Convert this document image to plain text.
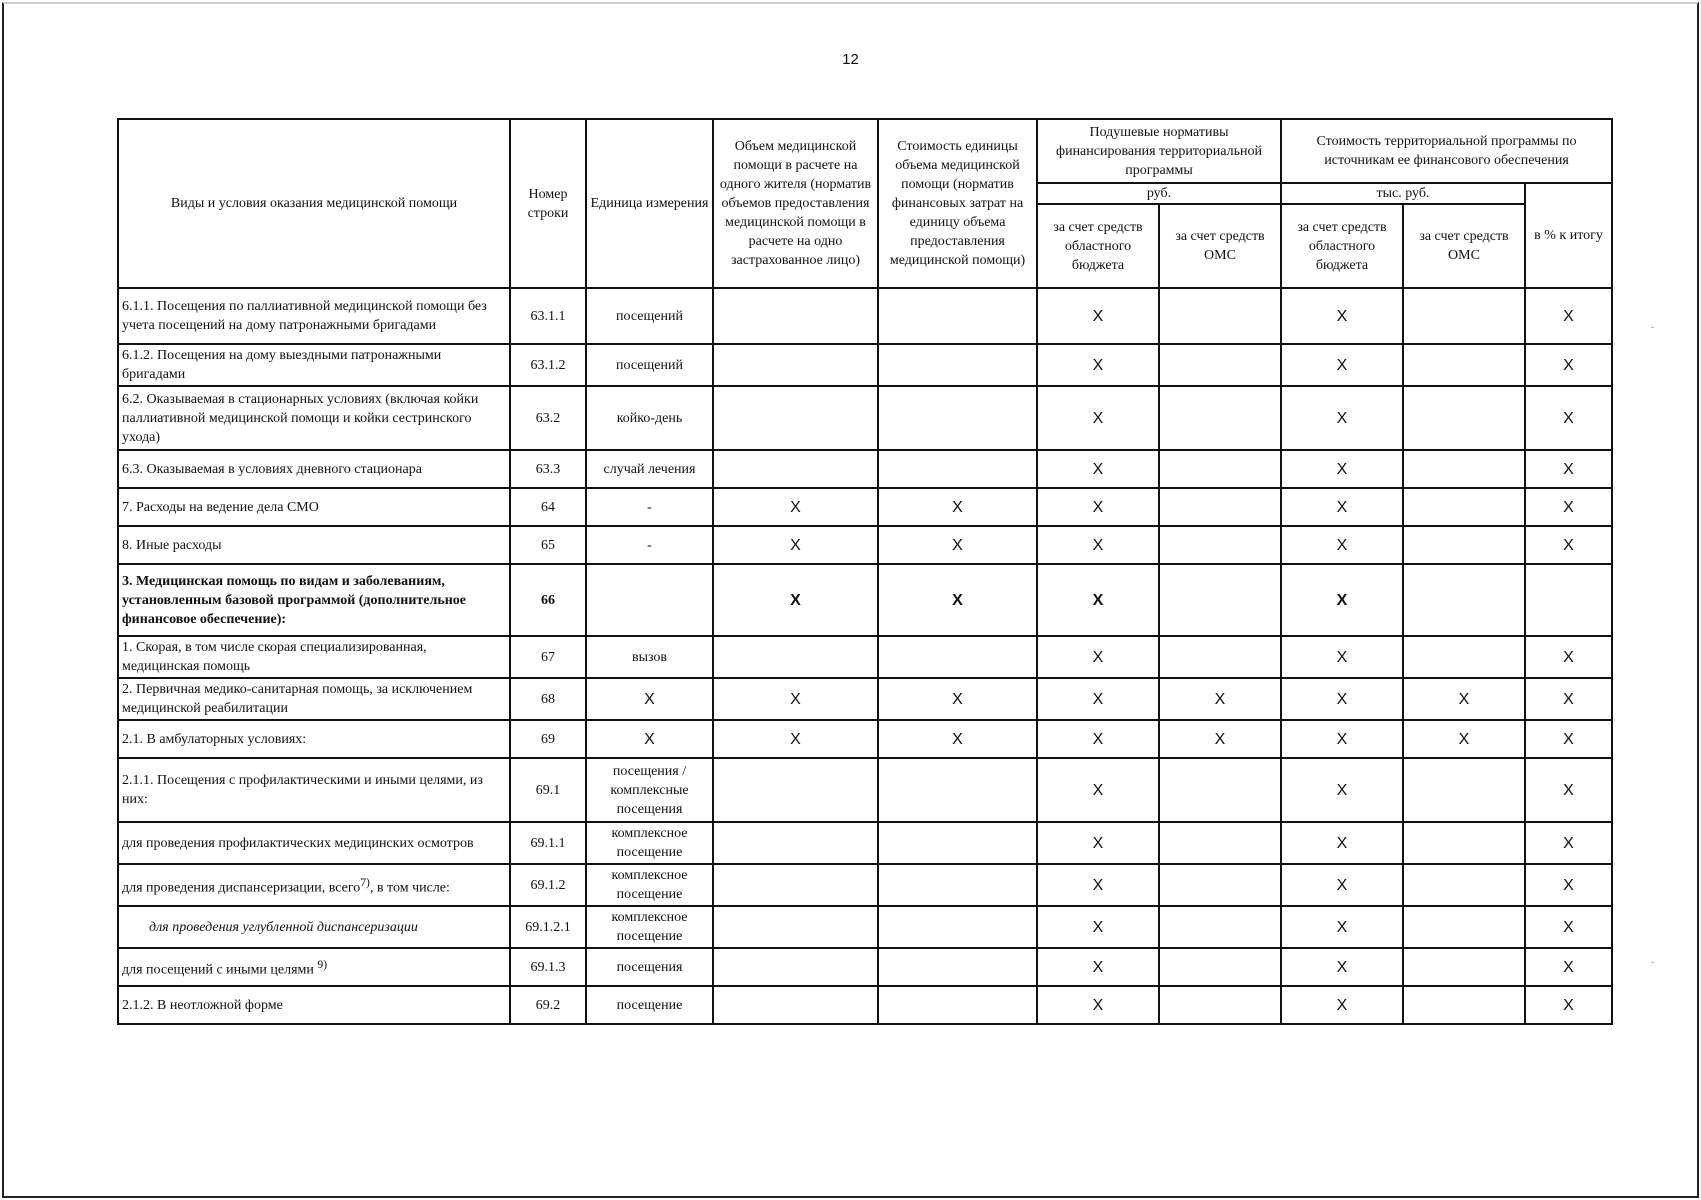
-
-
12
Виды и условия оказания медицинской помощи	Номер строки	Единица измерения	Объем медицинской помощи в расчете на одного жителя (норматив объемов предоставления медицинской помощи в расчете на одно застрахованное лицо)	Стоимость единицы объема медицинской помощи (норматив финансовых затрат на единицу объема предоставления медицинской помощи)	Подушевые нормативы финансирования территориальной программы		Стоимость территориальной программы по источникам ее финансового обеспечения		
					руб.		тыс. руб.		в % к итогу
					за счет средств областного бюджета	за счет средств ОМС	за счет средств областного бюджета	за счет средств ОМС	
6.1.1. Посещения по паллиативной медицинской помощи без учета посещений на дому патронажными бригадами	63.1.1	посещений			X		X		X
6.1.2. Посещения на дому выездными патронажными бригадами	63.1.2	посещений			X		X		X
6.2. Оказываемая в стационарных условиях (включая койки паллиативной медицинской помощи и койки сестринского ухода)	63.2	койко-день			X		X		X
6.3. Оказываемая в условиях дневного стационара	63.3	случай лечения			X		X		X
7. Расходы на ведение дела СМО	64	-	X	X	X		X		X
8. Иные расходы	65	-	X	X	X		X		X
3. Медицинская помощь по видам и заболеваниям, установленным базовой программой (дополнительное финансовое обеспечение):	66		X	X	X		X		
1. Скорая, в том числе скорая специализированная, медицинская помощь	67	вызов			X		X		X
2. Первичная медико-санитарная помощь, за исключением медицинской реабилитации	68	X	X	X	X	X	X	X	X
2.1. В амбулаторных условиях:	69	X	X	X	X	X	X	X	X
2.1.1. Посещения с профилактическими и иными целями, из них:	69.1	посещения / комплексные посещения			X		X		X
для проведения профилактических медицинских осмотров	69.1.1	комплексное посещение			X		X		X
для проведения диспансеризации, всего$^{7)}$, в том числе:	69.1.2	комплексное посещение			X		X		X
для проведения углубленной диспансеризации	69.1.2.1	комплексное посещение			X		X		X
для посещений с иными целями $^{9)}$	69.1.3	посещения			X		X		X
2.1.2. В неотложной форме	69.2	посещение			X		X		X
